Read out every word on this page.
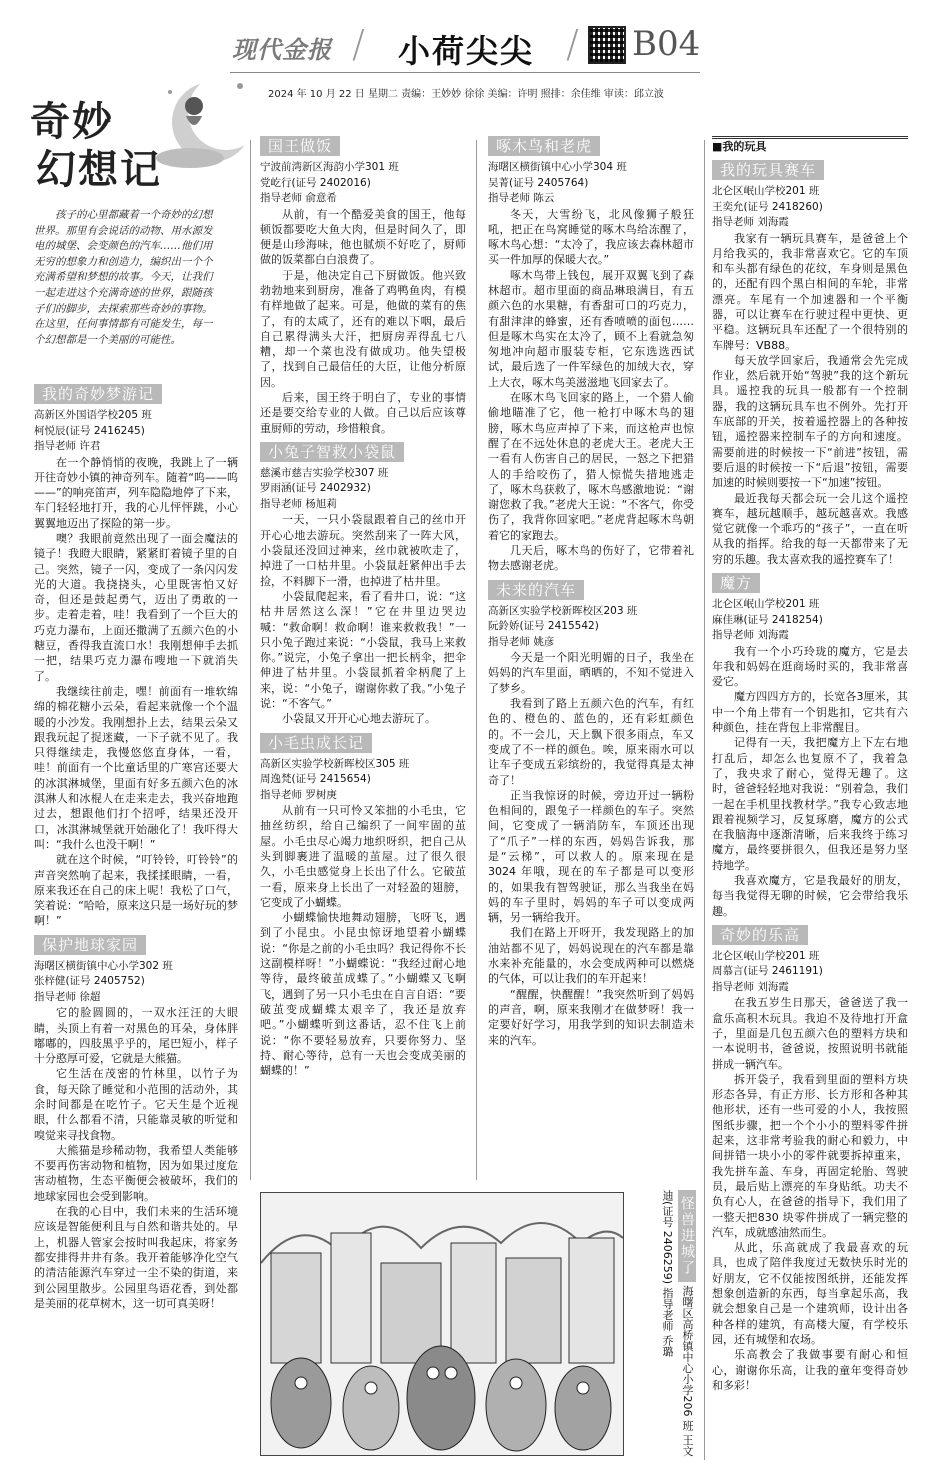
现代金报 / 小荷尖尖 / B04
2024 年 10 月 22 日 星期二 责编：王妙妙 徐徐 美编：许明 照排：余佳维 审读：邱立波
奇妙
幻想记
孩子的心里都藏着一个奇妙的幻想世界。那里有会说话的动物、用水源发电的城堡、会变颜色的汽车……他们用无穷的想象力和创造力，编织出一个个充满希望和梦想的故事。今天，让我们一起走进这个充满奇迹的世界，跟随孩子们的脚步，去探索那些奇妙的事物。在这里，任何事情都有可能发生，每一个幻想都是一个美丽的可能性。
我的奇妙梦游记
高新区外国语学校205 班
柯悦辰(证号 2416245)
指导老师 许君

在一个静悄悄的夜晚，我跳上了一辆开往奇妙小镇的神奇列车。随着“呜——呜——”的响亮笛声，列车隐隐地停了下来，车门轻轻地打开，我的心儿怦怦跳，小心翼翼地迈出了探险的第一步。

噢？我眼前竟然出现了一面会魔法的镜子！我瞪大眼睛，紧紧盯着镜子里的自己。突然，镜子一闪，变成了一条闪闪发光的大道。我挠挠头，心里既害怕又好奇，但还是鼓起勇气，迈出了勇敢的一步。走着走着，哇！我看到了一个巨大的巧克力瀑布，上面还撒满了五颜六色的小糖豆，香得我直流口水！我刚想伸手去抓一把，结果巧克力瀑布嗖地一下就消失了。

我继续往前走，嘿！前面有一堆软绵绵的棉花糖小云朵，看起来就像一个个温暖的小沙发。我刚想扑上去，结果云朵又跟我玩起了捉迷藏，一下子就不见了。我只得继续走，我慢悠悠直身体，一看，哇！前面有一个比童话里的广寒宫还要大的冰淇淋城堡，里面有好多五颜六色的冰淇淋人和冰棍人在走来走去，我兴奋地跑过去，想跟他们打个招呼，结果还没开口，冰淇淋城堡就开始融化了！我吓得大叫：“我什么也没干啊！”

就在这个时候，“叮铃铃，叮铃铃”的声音突然响了起来，我揉揉眼睛，一看，原来我还在自己的床上呢！我松了口气，笑着说：“哈哈，原来这只是一场好玩的梦啊！”

保护地球家园
海曙区横街镇中心小学302 班
张梓健(证号 2405752)
指导老师 徐超

它的脸圆圆的，一双水汪汪的大眼睛，头顶上有着一对黑色的耳朵，身体胖嘟嘟的，四肢黑乎乎的，尾巴短小，样子十分憨厚可爱，它就是大熊猫。

它生活在茂密的竹林里，以竹子为食，每天除了睡觉和小范围的活动外，其余时间都是在吃竹子。它天生是个近视眼，什么都看不清，只能靠灵敏的听觉和嗅觉来寻找食物。

大熊猫是珍稀动物，我希望人类能够不要再伤害动物和植物，因为如果过度危害动植物，生态平衡便会被破坏，我们的地球家园也会受到影响。

在我的心目中，我们未来的生活环境应该是智能便利且与自然和谐共处的。早上，机器人管家会按时叫我起床，将家务都安排得井井有条。我开着能够净化空气的清洁能源汽车穿过一尘不染的街道，来到公园里散步。公园里鸟语花香，到处都是美丽的花草树木，这一切可真美呀！

国王做饭
宁波前湾新区海韵小学301 班
党屹行(证号 2402016)
指导老师 俞意希

从前，有一个酷爱美食的国王，他每顿饭都要吃大鱼大肉，但是时间久了，即便是山珍海味，他也腻烦不好吃了，厨师做的饭菜都白白浪费了。

于是，他决定自己下厨做饭。他兴致勃勃地来到厨房，准备了鸡鸭鱼肉，有模有样地做了起来。可是，他做的菜有的焦了，有的太咸了，还有的难以下咽，最后自己累得满头大汗，把厨房弄得乱七八糟，却一个菜也没有做成功。他失望极了，找到自己最信任的大臣，让他分析原因。

后来，国王终于明白了，专业的事情还是要交给专业的人做。自己以后应该尊重厨师的劳动，珍惜粮食。

小兔子智救小袋鼠
慈溪市慈吉实验学校307 班
罗雨涵(证号 2402932)
指导老师 杨旭莉

一天，一只小袋鼠跟着自己的丝巾开开心心地去游玩。突然刮来了一阵大风，小袋鼠还没回过神来，丝巾就被吹走了，掉进了一口枯井里。小袋鼠赶紧伸出手去捡，不料脚下一滑，也掉进了枯井里。

小袋鼠爬起来，看了看井口，说：“这枯井居然这么深！”它在井里边哭边喊：“救命啊！救命啊！谁来救救我！”一只小兔子跑过来说：“小袋鼠，我马上来救你。”说完，小兔子拿出一把长柄伞，把伞伸进了枯井里。小袋鼠抓着伞柄爬了上来，说：“小兔子，谢谢你救了我。”小兔子说：“不客气。”

小袋鼠又开开心心地去游玩了。

小毛虫成长记
高新区实验学校新晖校区305 班
周逸梵(证号 2415654)
指导老师 罗树庚

从前有一只可怜又笨拙的小毛虫，它抽丝纺织，给自己编织了一间牢固的茧屋。小毛虫尽心竭力地织呀织，把自己从头到脚裹进了温暖的茧屋。过了很久很久，小毛虫感觉身上长出了什么。它破茧一看，原来身上长出了一对轻盈的翅膀，它变成了小蝴蝶。

小蝴蝶愉快地舞动翅膀，飞呀飞，遇到了小昆虫。小昆虫惊讶地望着小蝴蝶说：“你是之前的小毛虫吗？我记得你不长这副模样呀！”小蝴蝶说：“我经过耐心地等待，最终破茧成蝶了。”小蝴蝶又飞啊飞，遇到了另一只小毛虫在自言自语：“要破茧变成蝴蝶太艰辛了，我还是放弃吧。”小蝴蝶听到这番话，忍不住飞上前说：“你不要轻易放弃，只要你努力、坚持、耐心等待，总有一天也会变成美丽的蝴蝶的！”

啄木鸟和老虎
海曙区横街镇中心小学304 班
吴菁(证号 2405764)
指导老师 陈云

冬天，大雪纷飞，北风像狮子般狂吼，把正在鸟窝睡觉的啄木鸟给冻醒了，啄木鸟心想：“太冷了，我应该去森林超市买一件加厚的保暖大衣。”

啄木鸟带上钱包，展开双翼飞到了森林超市。超市里面的商品琳琅满目，有五颜六色的水果糖，有香甜可口的巧克力，有甜津津的蜂蜜，还有香喷喷的面包……但是啄木鸟实在太冷了，顾不上看就急匆匆地冲向超市服装专柜，它东选选西试试，最后选了一件军绿色的加绒大衣，穿上大衣，啄木鸟美滋滋地飞回家去了。

在啄木鸟飞回家的路上，一个猎人偷偷地瞄准了它，他一枪打中啄木鸟的翅膀，啄木鸟应声掉了下来，而这枪声也惊醒了在不远处休息的老虎大王。老虎大王一看有人伤害自己的居民，一怒之下把猎人的手给咬伤了，猎人惊慌失措地逃走了，啄木鸟获救了，啄木鸟感激地说：“谢谢您救了我。”老虎大王说：“不客气，你受伤了，我背你回家吧。”老虎背起啄木鸟朝着它的家跑去。

几天后，啄木鸟的伤好了，它带着礼物去感谢老虎。

未来的汽车
高新区实验学校新晖校区203 班
阮鈴娇(证号 2415542)
指导老师 姚彦

今天是一个阳光明媚的日子，我坐在妈妈的汽车里面，晒晒的，不知不觉进入了梦乡。

我看到了路上五颜六色的汽车，有红色的、橙色的、蓝色的，还有彩虹颜色的。不一会儿，天上飘下很多雨点，车又变成了不一样的颜色。唉，原来雨水可以让车子变成五彩缤纷的，我觉得真是太神奇了！

正当我惊讶的时候，旁边开过一辆粉色相间的，跟兔子一样颜色的车子。突然间，它变成了一辆消防车，车顶还出现了“爪子”一样的东西，妈妈告诉我，那是“云梯”，可以救人的。原来现在是 3024 年哦，现在的车子都是可以变形的，如果我有智驾驶证，那么当我坐在妈妈的车子里时，妈妈的车子可以变成两辆，另一辆给我开。

我们在路上开呀开，我发现路上的加油站都不见了，妈妈说现在的汽车都是靠水来补充能量的，水会变成两种可以燃烧的气体，可以让我们的车开起来！

“醒醒，快醒醒！”我突然听到了妈妈的声音，啊，原来我刚才在做梦呀！我一定要好好学习，用我学到的知识去制造未来的汽车。

■我的玩具
我的玩具赛车
北仑区岷山学校201 班
王奕允(证号 2418260)
指导老师 刘海霞

我家有一辆玩具赛车，是爸爸上个月给我买的，我非常喜欢它。它的车顶和车头都有绿色的花纹，车身则是黑色的，还配有四个黑白相间的车轮，非常漂亮。车尾有一个加速器和一个平衡器，可以让赛车在行驶过程中更快、更平稳。这辆玩具车还配了一个很特别的车牌号：VB88。

每天放学回家后，我通常会先完成作业，然后就开始“驾驶”我的这个新玩具。遥控我的玩具一般都有一个控制器，我的这辆玩具车也不例外。先打开车底部的开关，按着遥控器上的各种按钮，遥控器来控制车子的方向和速度。需要前进的时候按一下“前进”按钮，需要后退的时候按一下“后退”按钮，需要加速的时候则要按一下“加速”按钮。

最近我每天都会玩一会儿这个遥控赛车，越玩越顺手，越玩越喜欢。我感觉它就像一个乖巧的“孩子”，一直在听从我的指挥。给我的每一天都带来了无穷的乐趣。我太喜欢我的遥控赛车了！

魔方
北仑区岷山学校201 班
麻佳琳(证号 2418254)
指导老师 刘海霞

我有一个小巧玲珑的魔方，它是去年我和妈妈在逛商场时买的，我非常喜爱它。

魔方四四方方的，长宽各3厘米，其中一个角上带有一个钥匙扣，它共有六种颜色，挂在背包上非常醒目。

记得有一天，我把魔方上下左右地打乱后，却怎么也复原不了，我着急了，我央求了耐心，觉得无趣了。这时，爸爸轻轻地对我说：“别着急，我们一起在手机里找教材学。”我专心致志地跟着视频学习，反复琢磨，魔方的公式在我脑海中逐渐清晰，后来我终于练习魔方，最终要拼很久，但我还是努力坚持地学。

我喜欢魔方，它是我最好的朋友，每当我觉得无聊的时候，它会带给我乐趣。

奇妙的乐高
北仑区岷山学校201 班
周慕言(证号 2461191)
指导老师 刘海霞

在我五岁生日那天，爸爸送了我一盒乐高积木玩具。我迫不及待地打开盒子，里面是几包五颜六色的塑料方块和一本说明书，爸爸说，按照说明书就能拼成一辆汽车。

拆开袋子，我看到里面的塑料方块形态各异，有正方形、长方形和各种其他形状，还有一些可爱的小人，我按照图纸步骤，把一个个小小的塑料零件拼起来，这非常考验我的耐心和毅力，中间拼错一块小小的零件就要拆掉重来，我先拼车盖、车身，再固定轮胎、驾驶员，最后贴上漂亮的车身贴纸。功夫不负有心人，在爸爸的指导下，我们用了一整天把830 块零件拼成了一辆完整的汽车，成就感油然而生。

从此，乐高就成了我最喜欢的玩具，也成了陪伴我度过无数快乐时光的好朋友，它不仅能按图纸拼，还能发挥想象创造新的东西，每当拿起乐高，我就会想象自己是一个建筑师，设计出各种各样的建筑，有高楼大厦，有学校乐园，还有城堡和农场。

乐高教会了我做事要有耐心和恒心，谢谢你乐高，让我的童年变得奇妙和多彩！

怪兽进城了 海曙区高桥镇中心小学206 班 王文迪(证号 2406259) 指导老师 乔璐
